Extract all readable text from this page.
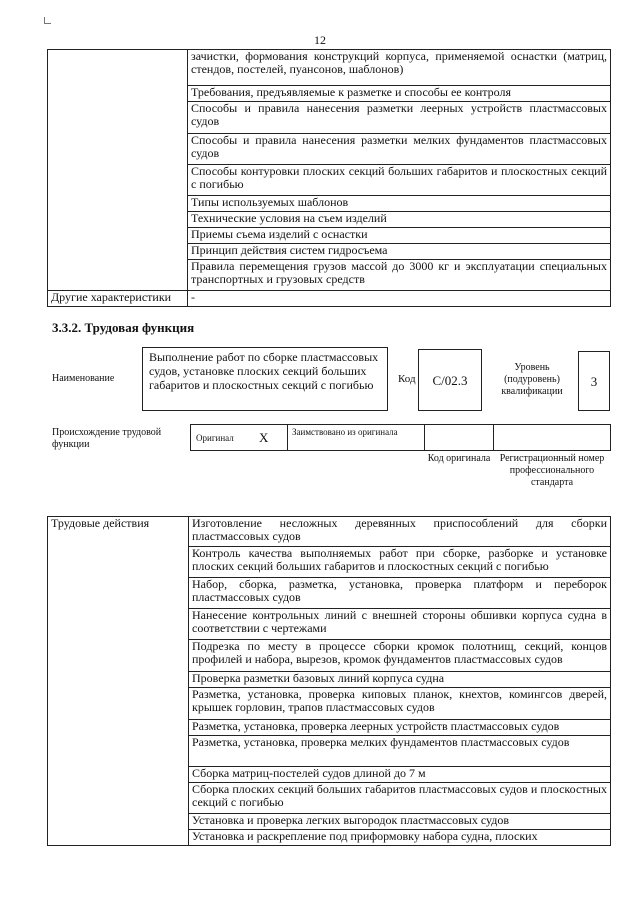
12
	зачистки, формования конструкций корпуса, применяемой оснастки (матриц, стендов, постелей, пуансонов, шаблонов)
	Требования, предъявляемые к разметке и способы ее контроля
	Способы и правила нанесения разметки леерных устройств пластмассовых судов
	Способы и правила нанесения разметки мелких фундаментов пластмассовых судов
	Способы контуровки плоских секций больших габаритов и плоскостных секций с погибью
	Типы используемых шаблонов
	Технические условия на съем изделий
	Приемы съема изделий с оснастки
	Принцип действия систем гидросъема
	Правила перемещения грузов массой до 3000 кг и эксплуатации специальных транспортных и грузовых средств
Другие характеристики	-
3.3.2. Трудовая функция
Наименование
Выполнение работ по сборке пластмассовых судов, установке плоских секций больших габаритов и плоскостных секций с погибью	Код	C/02.3
Уровень (подуровень) квалификации
3
Происхождение трудовой функции
Оригинал X	Заимствовано из оригинала
Код оригинала Регистрационный номер профессионального стандарта
Трудовые действия	Изготовление несложных деревянных приспособлений для сборки пластмассовых судов
Контроль качества выполняемых работ при сборке, разборке и установке плоских секций больших габаритов и плоскостных секций с погибью
Набор, сборка, разметка, установка, проверка платформ и переборок пластмассовых судов
Нанесение контрольных линий с внешней стороны обшивки корпуса судна в соответствии с чертежами
Подрезка по месту в процессе сборки кромок полотнищ, секций, концов профилей и набора, вырезов, кромок фундаментов пластмассовых судов
Проверка разметки базовых линий корпуса судна
Разметка, установка, проверка киповых планок, кнехтов, комингсов дверей, крышек горловин, трапов пластмассовых судов
Разметка, установка, проверка леерных устройств пластмассовых судов
Разметка, установка, проверка мелких фундаментов пластмассовых судов
Сборка матриц-постелей судов длиной до 7 м
Сборка плоских секций больших габаритов пластмассовых судов и плоскостных секций с погибью
Установка и проверка легких выгородок пластмассовых судов
Установка и раскрепление под приформовку набора судна, плоских
